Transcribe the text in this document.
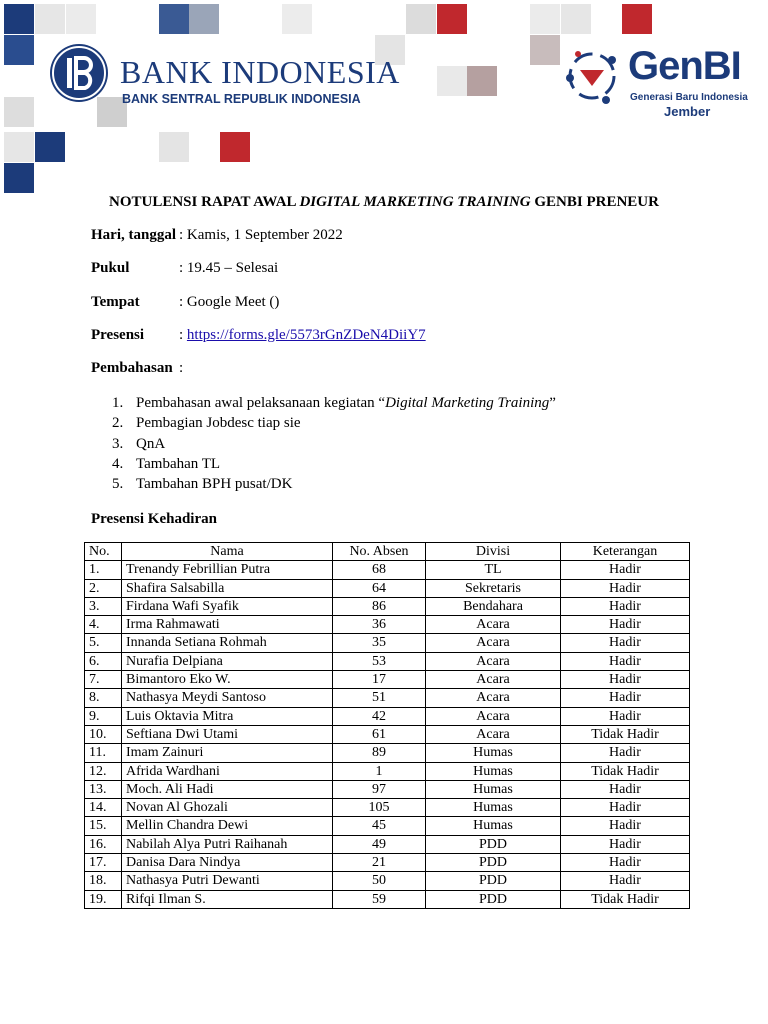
BANK INDONESIA
BANK SENTRAL REPUBLIK INDONESIA
GenBI
Generasi Baru Indonesia
Jember
NOTULENSI RAPAT AWAL DIGITAL MARKETING TRAINING GENBI PRENEUR
Hari, tanggal : Kamis, 1 September 2022
Pukul	: 19.45 – Selesai
Tempat	: Google Meet ()
Presensi : https://forms.gle/5573rGnZDeN4DiiY7
Pembahasan :
1. Pembahasan awal pelaksanaan kegiatan “Digital Marketing Training”
2. Pembagian Jobdesc tiap sie
3. QnA
4. Tambahan TL
5. Tambahan BPH pusat/DK
Presensi Kehadiran
No.	Nama	No. Absen	Divisi	Keterangan
1.	Trenandy Febrillian Putra	68	TL	Hadir
2.	Shafira Salsabilla	64	Sekretaris	Hadir
3.	Firdana Wafi Syafik	86	Bendahara	Hadir
4.	Irma Rahmawati	36	Acara	Hadir
5.	Innanda Setiana Rohmah	35	Acara	Hadir
6.	Nurafia Delpiana	53	Acara	Hadir
7.	Bimantoro Eko W.	17	Acara	Hadir
8.	Nathasya Meydi Santoso	51	Acara	Hadir
9.	Luis Oktavia Mitra	42	Acara	Hadir
10.	Seftiana Dwi Utami	61	Acara	Tidak Hadir
11.	Imam Zainuri	89	Humas	Hadir
12.	Afrida Wardhani	1	Humas	Tidak Hadir
13.	Moch. Ali Hadi	97	Humas	Hadir
14.	Novan Al Ghozali	105	Humas	Hadir
15.	Mellin Chandra Dewi	45	Humas	Hadir
16.	Nabilah Alya Putri Raihanah	49	PDD	Hadir
17.	Danisa Dara Nindya	21	PDD	Hadir
18.	Nathasya Putri Dewanti	50	PDD	Hadir
19.	Rifqi Ilman S.	59	PDD	Tidak Hadir
